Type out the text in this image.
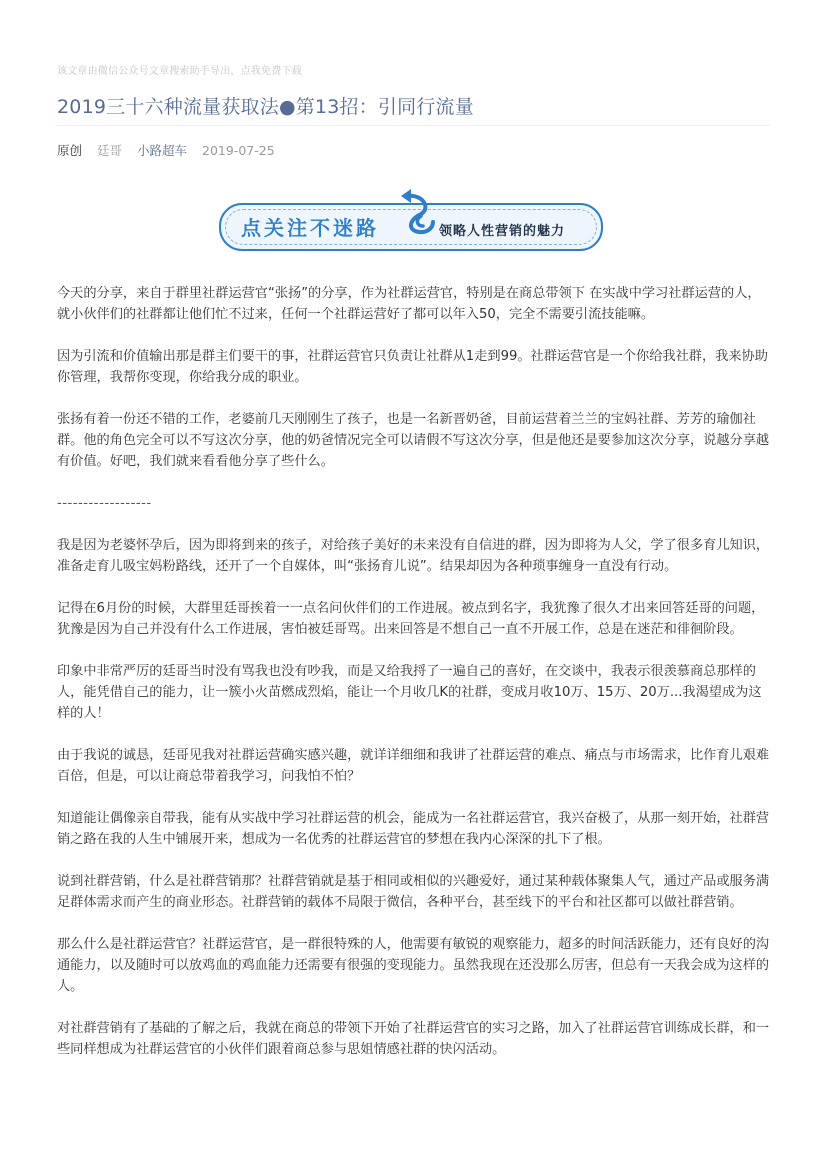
该文章由微信公众号文章搜索助手导出，点我免费下载
2019三十六种流量获取法●第13招：引同行流量
原创 廷哥 小路超车 2019-07-25
点关注不迷路	领略人性营销的魅力

今天的分享，来自于群里社群运营官“张扬”的分享，作为社群运营官，特别是在商总带领下 在实战中学习社群运营的人，就小伙伴们的社群都让他们忙不过来，任何一个社群运营好了都可以年入50，完全不需要引流技能嘛。

因为引流和价值输出那是群主们要干的事，社群运营官只负责让社群从1走到99。社群运营官是一个你给我社群，我来协助你管理，我帮你变现，你给我分成的职业。

张扬有着一份还不错的工作，老婆前几天刚刚生了孩子，也是一名新晋奶爸，目前运营着兰兰的宝妈社群、芳芳的瑜伽社群。他的角色完全可以不写这次分享，他的奶爸情况完全可以请假不写这次分享，但是他还是要参加这次分享，说越分享越有价值。好吧，我们就来看看他分享了些什么。

------------------

我是因为老婆怀孕后，因为即将到来的孩子，对给孩子美好的未来没有自信进的群，因为即将为人父，学了很多育儿知识，准备走育儿吸宝妈粉路线，还开了一个自媒体，叫“张扬育儿说”。结果却因为各种琐事缠身一直没有行动。

记得在6月份的时候，大群里廷哥挨着一一点名问伙伴们的工作进展。被点到名字，我犹豫了很久才出来回答廷哥的问题，犹豫是因为自己并没有什么工作进展，害怕被廷哥骂。出来回答是不想自己一直不开展工作，总是在迷茫和徘徊阶段。

印象中非常严厉的廷哥当时没有骂我也没有吵我，而是又给我捋了一遍自己的喜好，在交谈中，我表示很羡慕商总那样的人，能凭借自己的能力，让一簇小火苗燃成烈焰，能让一个月收几K的社群，变成月收10万、15万、20万...我渴望成为这样的人！

由于我说的诚恳，廷哥见我对社群运营确实感兴趣，就详详细细和我讲了社群运营的难点、痛点与市场需求，比作育儿艰难百倍，但是，可以让商总带着我学习，问我怕不怕？

知道能让偶像亲自带我，能有从实战中学习社群运营的机会，能成为一名社群运营官，我兴奋极了，从那一刻开始，社群营销之路在我的人生中铺展开来，想成为一名优秀的社群运营官的梦想在我内心深深的扎下了根。

说到社群营销，什么是社群营销那？社群营销就是基于相同或相似的兴趣爱好，通过某种载体聚集人气，通过产品或服务满足群体需求而产生的商业形态。社群营销的载体不局限于微信，各种平台，甚至线下的平台和社区都可以做社群营销。

那么什么是社群运营官？社群运营官，是一群很特殊的人，他需要有敏锐的观察能力，超多的时间活跃能力，还有良好的沟通能力，以及随时可以放鸡血的鸡血能力还需要有很强的变现能力。虽然我现在还没那么厉害，但总有一天我会成为这样的人。

对社群营销有了基础的了解之后，我就在商总的带领下开始了社群运营官的实习之路，加入了社群运营官训练成长群，和一些同样想成为社群运营官的小伙伴们跟着商总参与思姐情感社群的快闪活动。
